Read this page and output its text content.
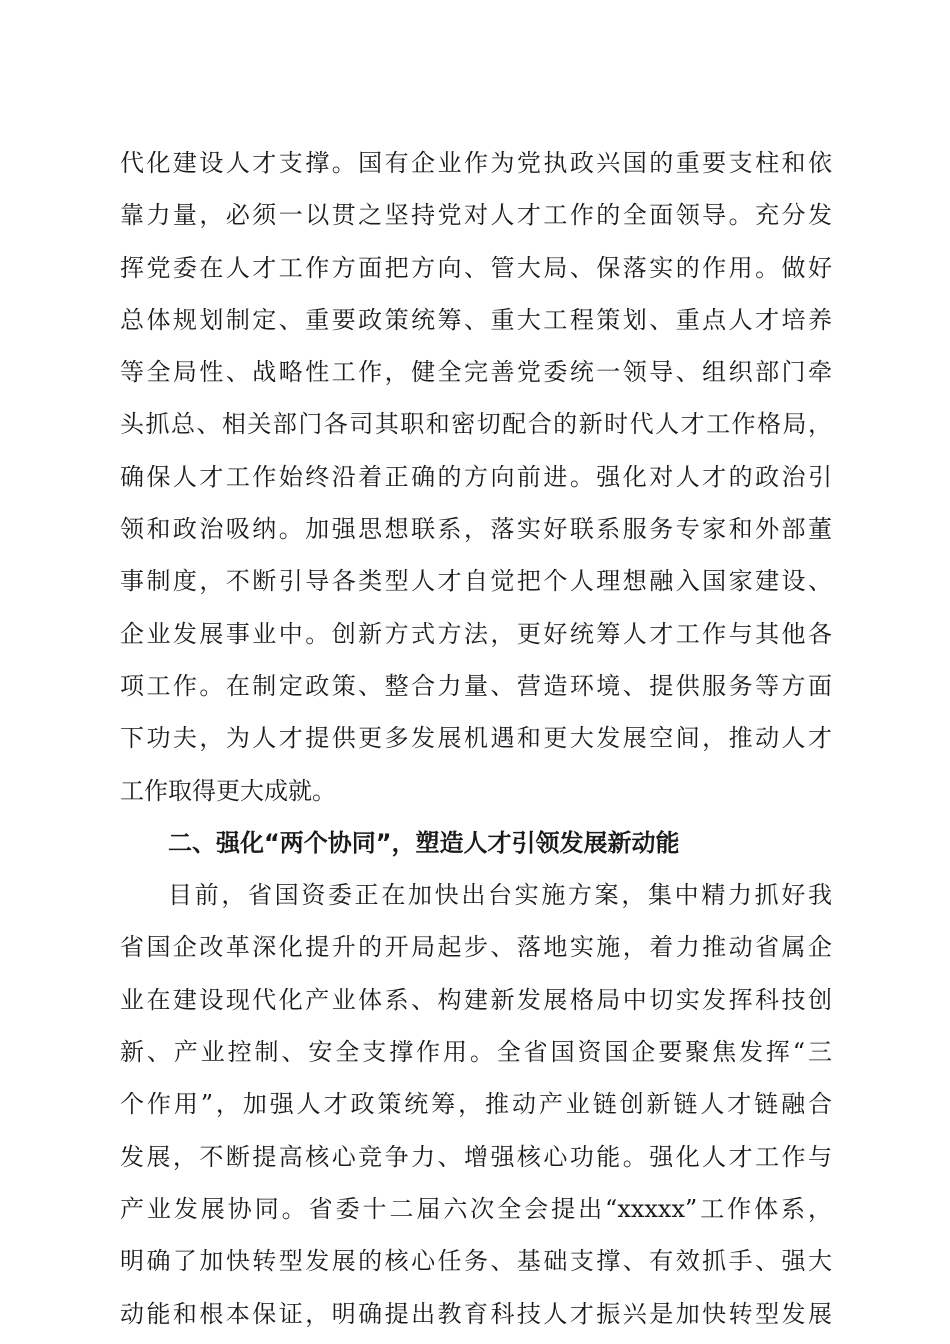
代化建设人才支撑。国有企业作为党执政兴国的重要支柱和依
靠力量，必须一以贯之坚持党对人才工作的全面领导。充分发
挥党委在人才工作方面把方向、管大局、保落实的作用。做好
总体规划制定、重要政策统筹、重大工程策划、重点人才培养
等全局性、战略性工作，健全完善党委统一领导、组织部门牵
头抓总、相关部门各司其职和密切配合的新时代人才工作格局，
确保人才工作始终沿着正确的方向前进。强化对人才的政治引
领和政治吸纳。加强思想联系，落实好联系服务专家和外部董
事制度，不断引导各类型人才自觉把个人理想融入国家建设、
企业发展事业中。创新方式方法，更好统筹人才工作与其他各
项工作。在制定政策、整合力量、营造环境、提供服务等方面
下功夫，为人才提供更多发展机遇和更大发展空间，推动人才
工作取得更大成就。
二、强化“两个协同”，塑造人才引领发展新动能
目前，省国资委正在加快出台实施方案，集中精力抓好我
省国企改革深化提升的开局起步、落地实施，着力推动省属企
业在建设现代化产业体系、构建新发展格局中切实发挥科技创
新、产业控制、安全支撑作用。全省国资国企要聚焦发挥“三
个作用”，加强人才政策统筹，推动产业链创新链人才链融合
发展，不断提高核心竞争力、增强核心功能。强化人才工作与
产业发展协同。省委十二届六次全会提出“xxxxx”工作体系，
明确了加快转型发展的核心任务、基础支撑、有效抓手、强大
动能和根本保证，明确提出教育科技人才振兴是加快转型发展
